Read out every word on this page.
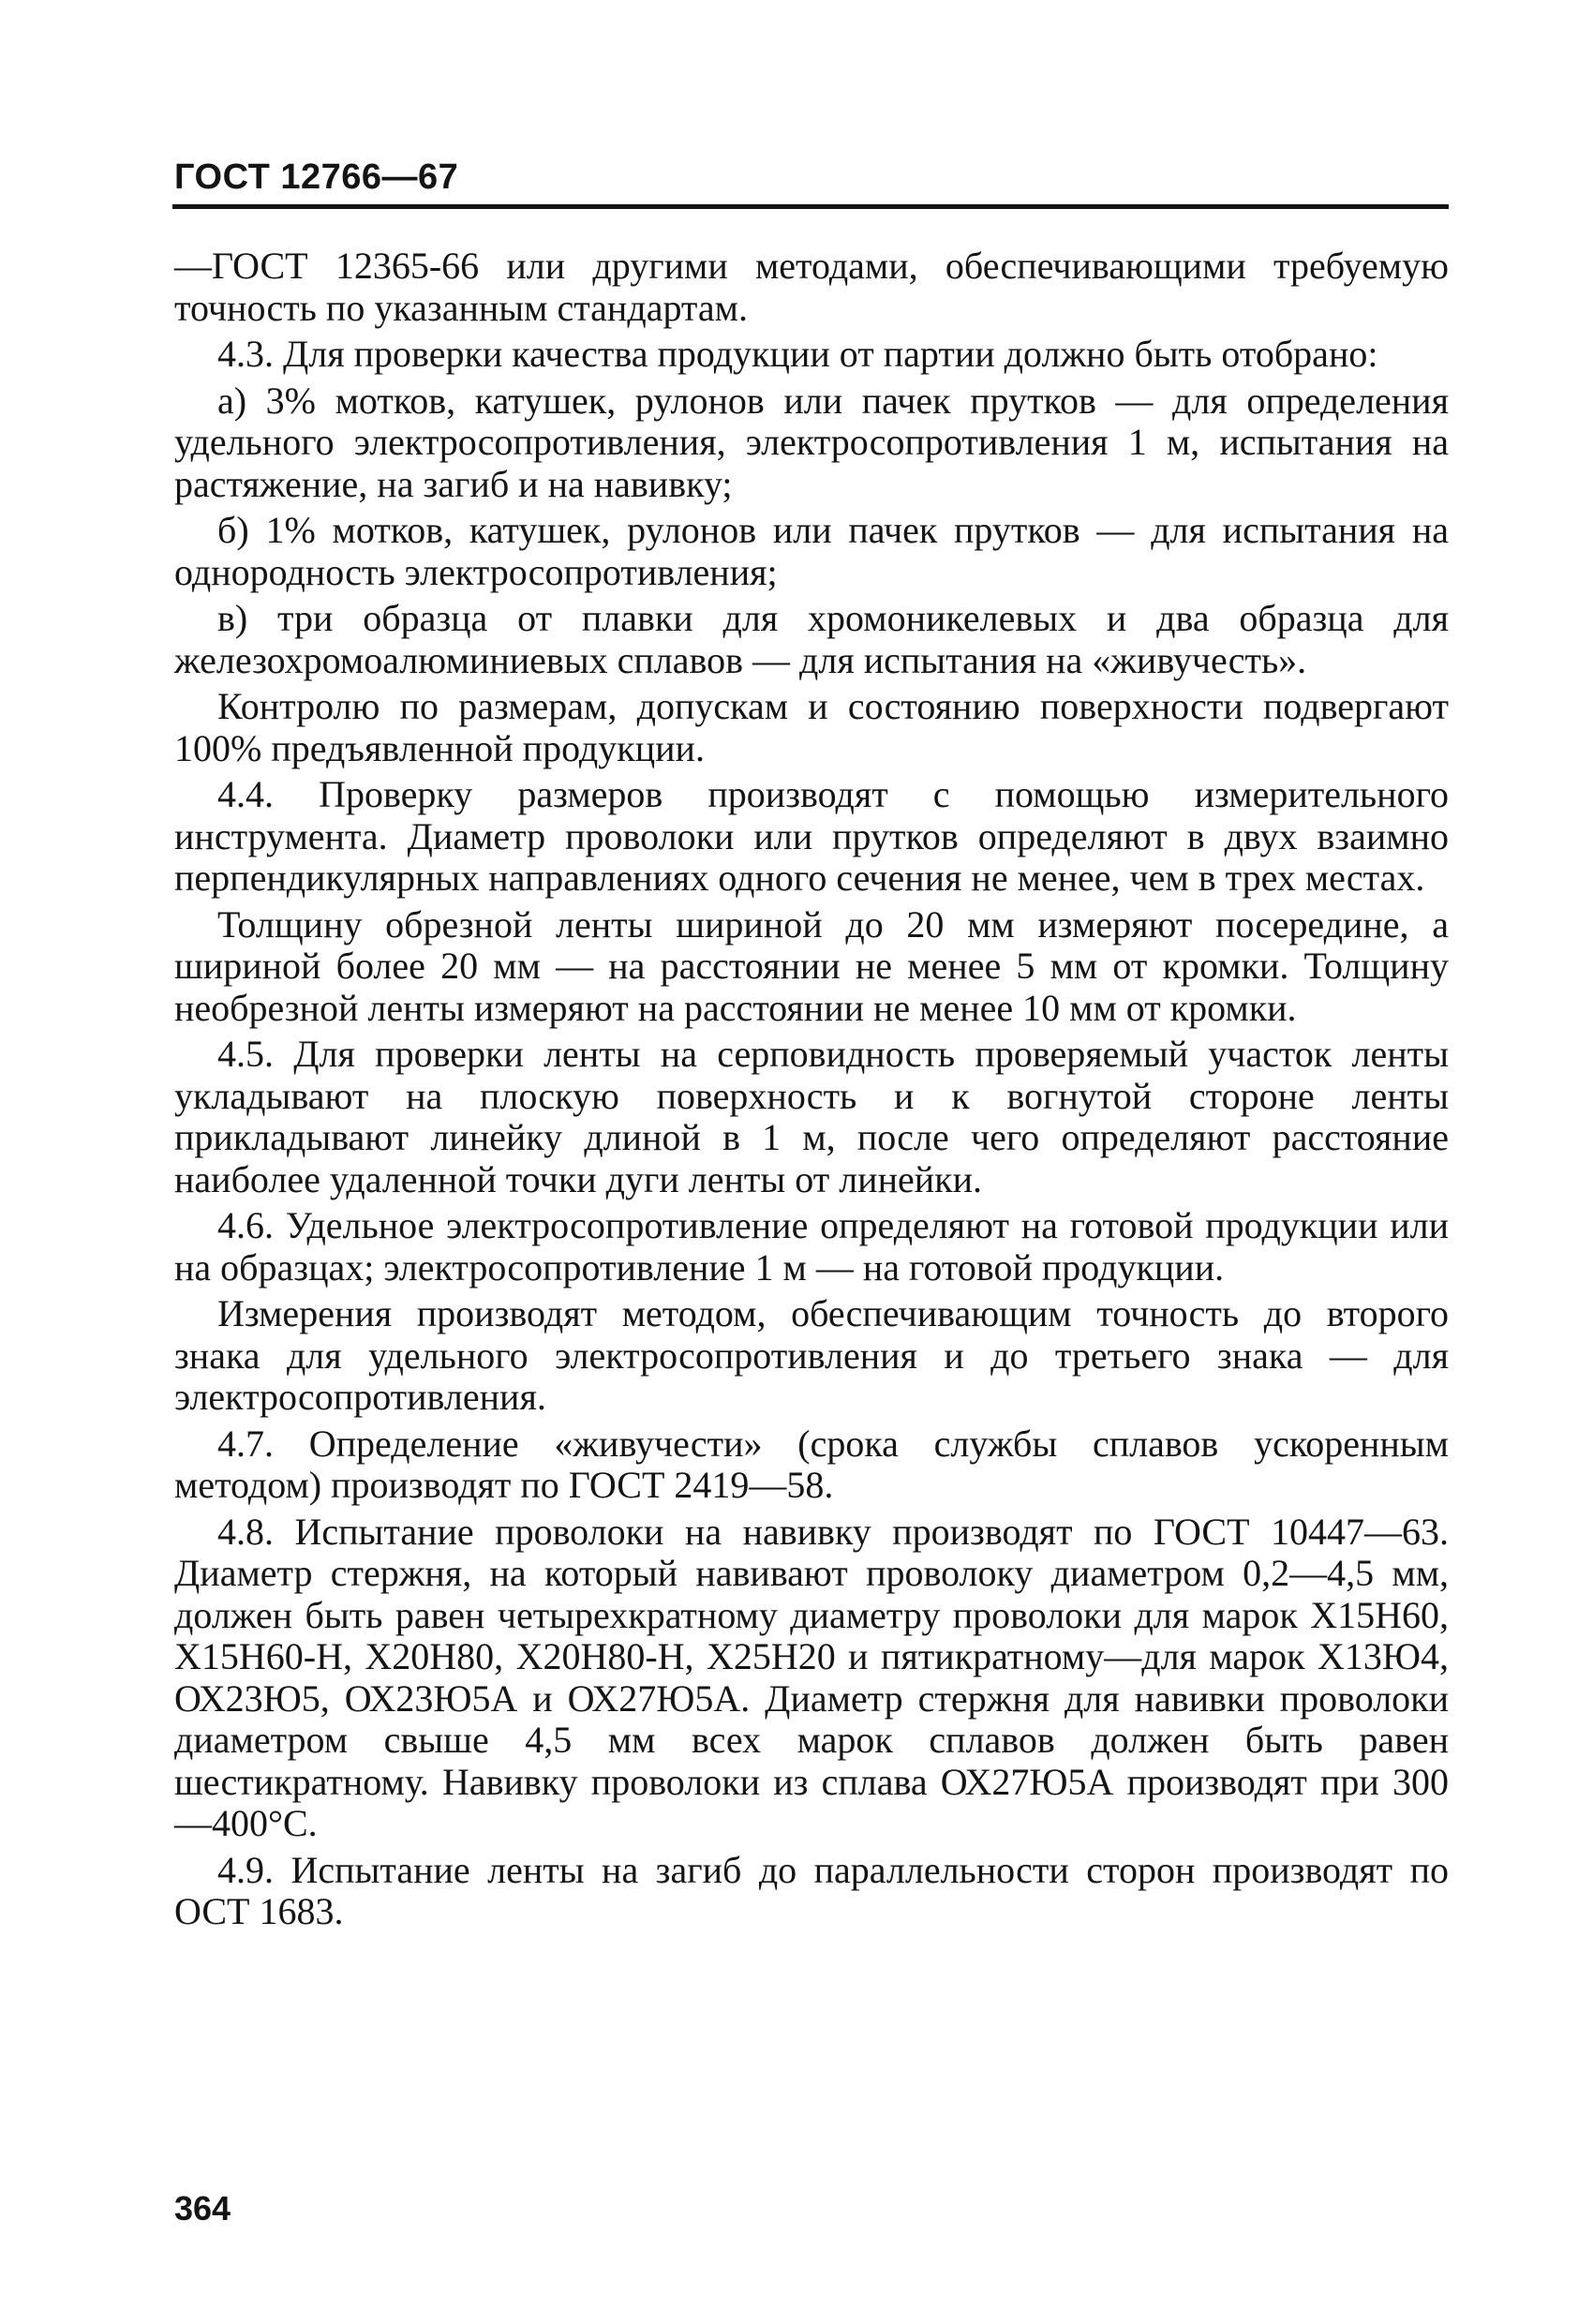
ГОСТ 12766—67

—ГОСТ 12365-66 или другими методами, обеспечивающими требуемую точность по указанным стандартам.

4.3. Для проверки качества продукции от партии должно быть отобрано:

а) 3% мотков, катушек, рулонов или пачек прутков — для определения удельного электросопротивления, электросопротивления 1 м, испытания на растяжение, на загиб и на навивку;

б) 1% мотков, катушек, рулонов или пачек прутков — для испытания на однородность электросопротивления;

в) три образца от плавки для хромоникелевых и два образца для железохромоалюминиевых сплавов — для испытания на «живучесть».

Контролю по размерам, допускам и состоянию поверхности подвергают 100% предъявленной продукции.

4.4. Проверку размеров производят с помощью измерительного инструмента. Диаметр проволоки или прутков определяют в двух взаимно перпендикулярных направлениях одного сечения не менее, чем в трех местах.

Толщину обрезной ленты шириной до 20 мм измеряют посередине, а шириной более 20 мм — на расстоянии не менее 5 мм от кромки. Толщину необрезной ленты измеряют на расстоянии не менее 10 мм от кромки.

4.5. Для проверки ленты на серповидность проверяемый участок ленты укладывают на плоскую поверхность и к вогнутой стороне ленты прикладывают линейку длиной в 1 м, после чего определяют расстояние наиболее удаленной точки дуги ленты от линейки.

4.6. Удельное электросопротивление определяют на готовой продукции или на образцах; электросопротивление 1 м — на готовой продукции.

Измерения производят методом, обеспечивающим точность до второго знака для удельного электросопротивления и до третьего знака — для электросопротивления.

4.7. Определение «живучести» (срока службы сплавов ускоренным методом) производят по ГОСТ 2419—58.

4.8. Испытание проволоки на навивку производят по ГОСТ 10447—63. Диаметр стержня, на который навивают проволоку диаметром 0,2—4,5 мм, должен быть равен четырехкратному диаметру проволоки для марок Х15Н60, Х15Н60-Н, Х20Н80, Х20Н80-Н, Х25Н20 и пятикратному—для марок Х13Ю4, ОХ23Ю5, ОХ23Ю5А и ОХ27Ю5А. Диаметр стержня для навивки проволоки диаметром свыше 4,5 мм всех марок сплавов должен быть равен шестикратному. Навивку проволоки из сплава ОХ27Ю5А производят при 300—400°С.

4.9. Испытание ленты на загиб до параллельности сторон производят по ОСТ 1683.

364
